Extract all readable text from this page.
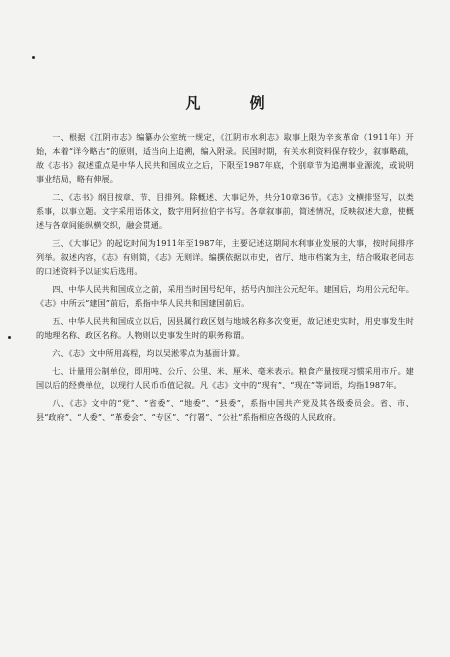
凡 例

一、根据《江阴市志》编纂办公室统一规定，《江阴市水利志》取事上限为辛亥革命（1911年）开始，本着“详今略古”的原则，适当向上追溯，编入附录。民国时期，有关水利资料保存较少，叙事略疏，故《志书》叙述重点是中华人民共和国成立之后，下限至1987年底，个别章节为追溯事业源流，或说明事业结局，略有伸展。

二、《志书》纲目按章、节、目排列。除概述、大事记外，共分10章36节。《志》文横排竖写，以类系事，以事立题。文字采用语体文，数字用阿拉伯字书写。各章叙事前，简述情况，反映叙述大意，使概述与各章间能纵横交织，融会贯通。

三、《大事记》的起讫时间为1911年至1987年，主要记述这期间水利事业发展的大事，按时间排序列举。叙述内容，《志》有则简，《志》无则详。编撰依据以市史，省厅、地市档案为主，结合吸取老同志的口述资料予以证实后选用。

四、中华人民共和国成立之前，采用当时国号纪年，括号内加注公元纪年。建国后，均用公元纪年。《志》中所云“建国”前后，系指中华人民共和国建国前后。

五、中华人民共和国成立以后，因县属行政区划与地域名称多次变更，故记述史实时，用史事发生时的地理名称、政区名称。人物则以史事发生时的职务称谓。

六、《志》文中所用高程，均以吴淞零点为基面计算。

七、计量用公制单位，即用吨、公斤、公里、米、厘米、毫米表示。粮食产量按现习惯采用市斤。建国以后的经费单位，以现行人民币币值记叙。凡《志》文中的“现有”、“现在”等词语，均指1987年。

八、《志》文中的“党”、“省委”、“地委”、“县委”，系指中国共产党及其各级委员会。省、市、县“政府”、“人委”、“革委会”、“专区”、“行署”、“公社”系指相应各级的人民政府。
